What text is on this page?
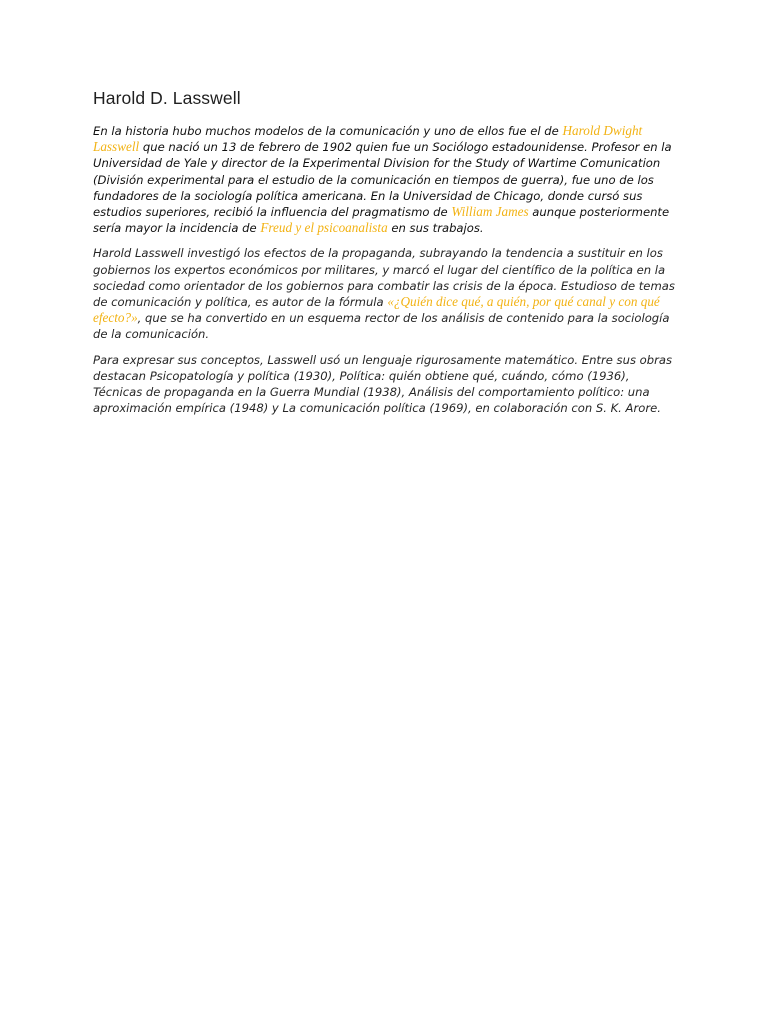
Harold D. Lasswell

En la historia hubo muchos modelos de la comunicación y uno de ellos fue el de Harold Dwight Lasswell que nació un 13 de febrero de 1902 quien fue un Sociólogo estadounidense. Profesor en la Universidad de Yale y director de la Experimental Division for the Study of Wartime Comunication (División experimental para el estudio de la comunicación en tiempos de guerra), fue uno de los fundadores de la sociología política americana. En la Universidad de Chicago, donde cursó sus estudios superiores, recibió la influencia del pragmatismo de William James aunque posteriormente sería mayor la incidencia de Freud y el psicoanalista en sus trabajos.

Harold Lasswell investigó los efectos de la propaganda, subrayando la tendencia a sustituir en los gobiernos los expertos económicos por militares, y marcó el lugar del científico de la política en la sociedad como orientador de los gobiernos para combatir las crisis de la época. Estudioso de temas de comunicación y política, es autor de la fórmula «¿Quién dice qué, a quién, por qué canal y con qué efecto?», que se ha convertido en un esquema rector de los análisis de contenido para la sociología de la comunicación.

Para expresar sus conceptos, Lasswell usó un lenguaje rigurosamente matemático. Entre sus obras destacan Psicopatología y política (1930), Política: quién obtiene qué, cuándo, cómo (1936), Técnicas de propaganda en la Guerra Mundial (1938), Análisis del comportamiento político: una aproximación empírica (1948) y La comunicación política (1969), en colaboración con S. K. Arore.
